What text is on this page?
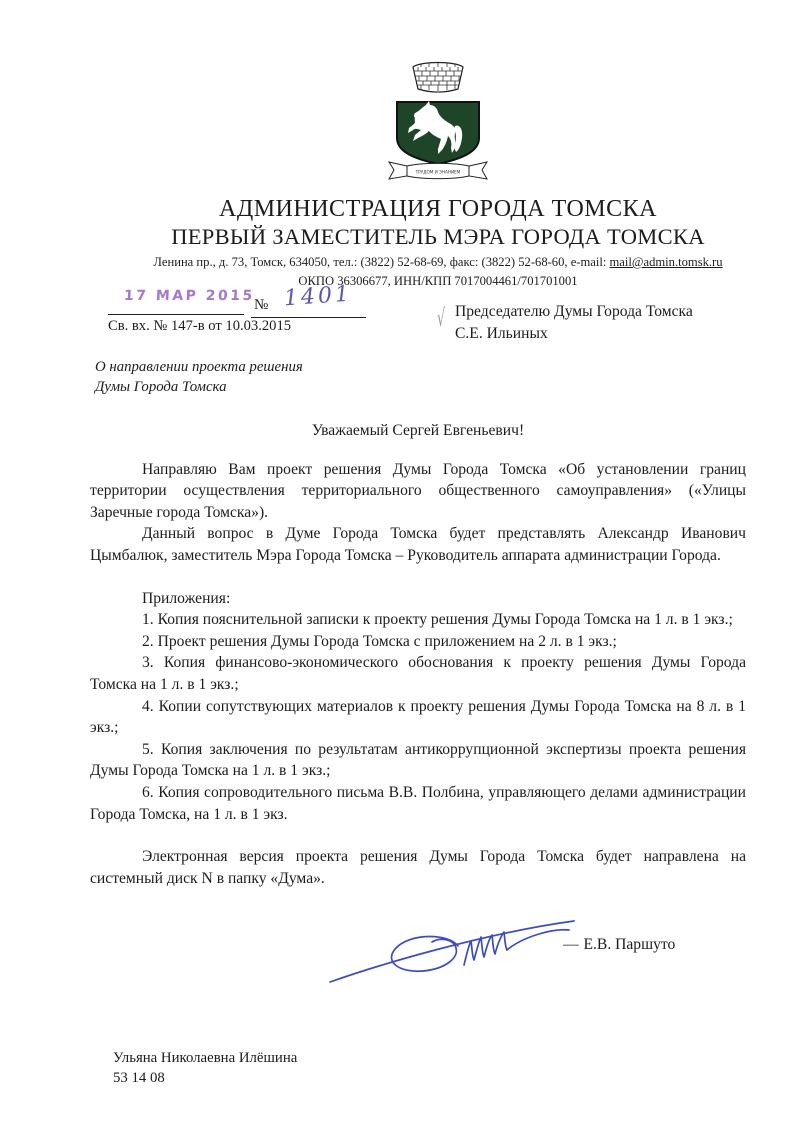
ТРУДОМ И ЗНАНИЕМ
АДМИНИСТРАЦИЯ ГОРОДА ТОМСКА
ПЕРВЫЙ ЗАМЕСТИТЕЛЬ МЭРА ГОРОДА ТОМСКА
Ленина пр., д. 73, Томск, 634050, тел.: (3822) 52-68-69, факс: (3822) 52-68-60, e-mail: mail@admin.tomsk.ru
ОКПО 36306677, ИНН/КПП 7017004461/701701001
17 МАР 2015
№ 1401
Св. вх. № 147-в от 10.03.2015	√ Председателю Думы Города Томска
С.Е. Ильиных
О направлении проекта решения
Думы Города Томска

Уважаемый Сергей Евгеньевич!

Направляю Вам проект решения Думы Города Томска «Об установлении границ территории осуществления территориального общественного самоуправления» («Улицы Заречные города Томска»).

Данный вопрос в Думе Города Томска будет представлять Александр Иванович Цымбалюк, заместитель Мэра Города Томска – Руководитель аппарата администрации Города.

Приложения:

1. Копия пояснительной записки к проекту решения Думы Города Томска на 1 л. в 1 экз.;

2. Проект решения Думы Города Томска с приложением на 2 л. в 1 экз.;

3. Копия финансово-экономического обоснования к проекту решения Думы Города Томска на 1 л. в 1 экз.;

4. Копии сопутствующих материалов к проекту решения Думы Города Томска на 8 л. в 1 экз.;

5. Копия заключения по результатам антикоррупционной экспертизы проекта решения Думы Города Томска на 1 л. в 1 экз.;

6. Копия сопроводительного письма В.В. Полбина, управляющего делами администрации Города Томска, на 1 л. в 1 экз.

Электронная версия проекта решения Думы Города Томска будет направлена на системный диск N в папку «Дума».

— Е.В. Паршуто
Ульяна Николаевна Илёшина
53 14 08
